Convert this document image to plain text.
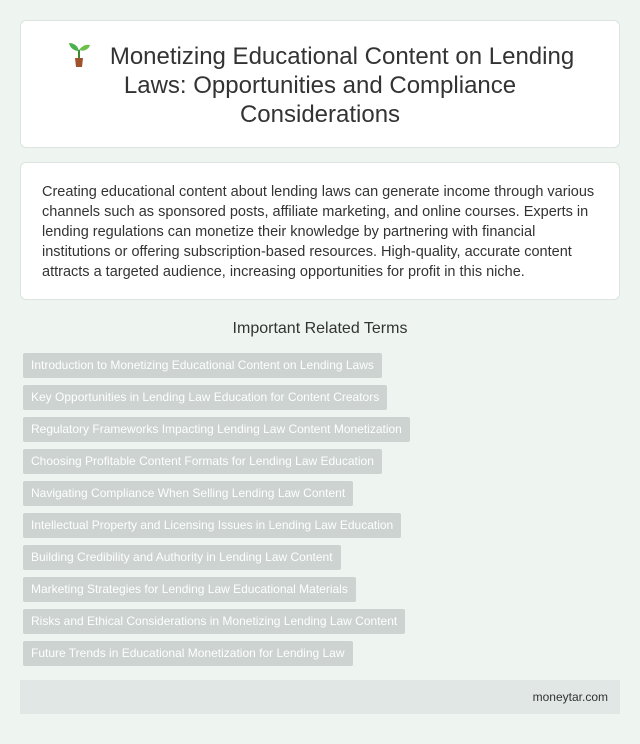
Monetizing Educational Content on Lending Laws: Opportunities and Compliance Considerations

Creating educational content about lending laws can generate income through various channels such as sponsored posts, affiliate marketing, and online courses. Experts in lending regulations can monetize their knowledge by partnering with financial institutions or offering subscription-based resources. High-quality, accurate content attracts a targeted audience, increasing opportunities for profit in this niche.

Important Related Terms
Introduction to Monetizing Educational Content on Lending Laws
Key Opportunities in Lending Law Education for Content Creators
Regulatory Frameworks Impacting Lending Law Content Monetization
Choosing Profitable Content Formats for Lending Law Education
Navigating Compliance When Selling Lending Law Content
Intellectual Property and Licensing Issues in Lending Law Education
Building Credibility and Authority in Lending Law Content
Marketing Strategies for Lending Law Educational Materials
Risks and Ethical Considerations in Monetizing Lending Law Content
Future Trends in Educational Monetization for Lending Law
moneytar.com
